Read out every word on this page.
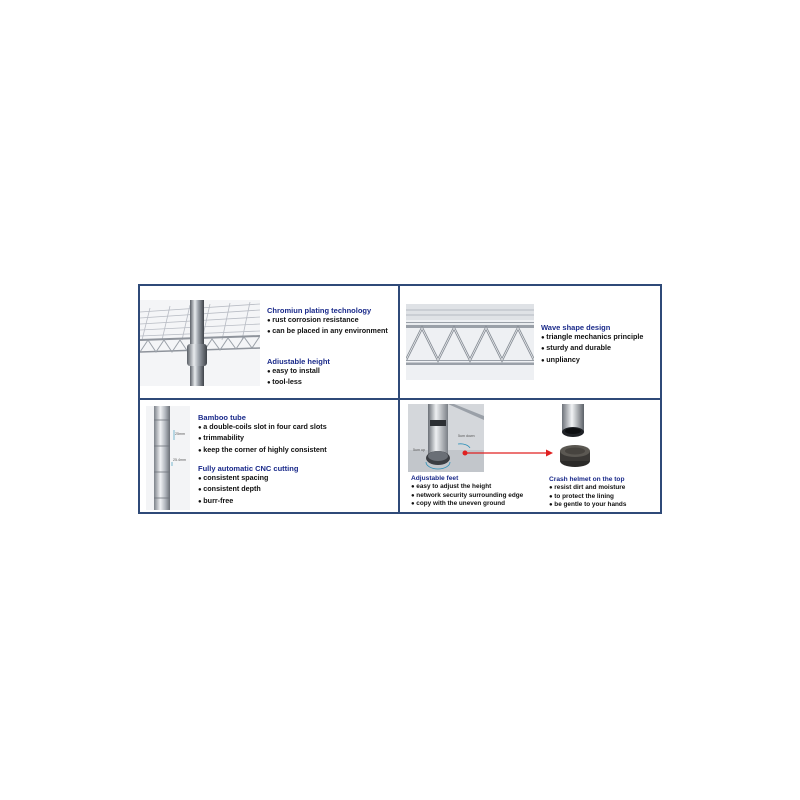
Chromiun plating technology
● rust corrosion resistance
● can be placed in any environment
Adiustable height
● easy to install
● tool-less
Wave shape design
● triangle mechanics principle
● sturdy and durable
● unpliancy
25mm
25.4mm
Bamboo tube
● a double-coils slot in four card slots
● trimmability
● keep the corner of highly consistent
Fully automatic CNC cutting
● consistent spacing
● consistent depth
● burr-free
5um up
5um down
Adjustable feet
● easy to adjust the height
● network security surrounding edge
● copy with the uneven ground
Crash helmet on the top
● resist dirt and moisture
● to protect the lining
● be gentle to your hands
